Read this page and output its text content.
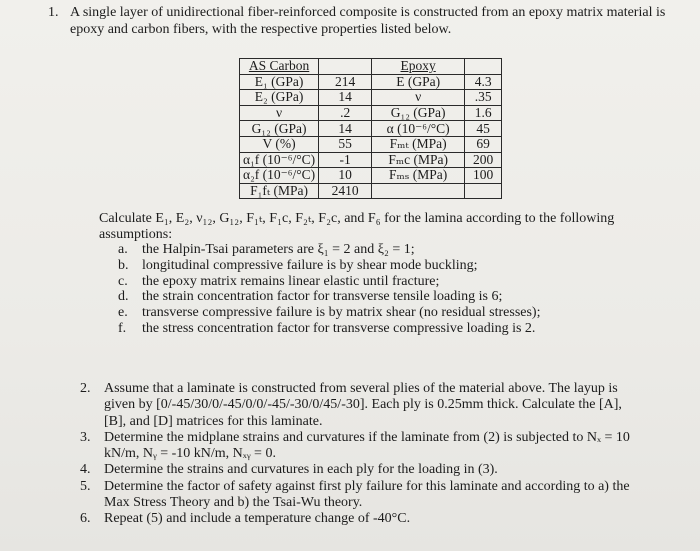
1. A single layer of unidirectional fiber-reinforced composite is constructed from an epoxy matrix material is epoxy and carbon fibers, with the respective properties listed below.
AS Carbon		Epoxy	
E₁ (GPa)	214	E (GPa)	4.3
E₂ (GPa)	14	ν	.35
ν	.2	G₁₂ (GPa)	1.6
G₁₂ (GPa)	14	α (10⁻⁶/°C)	45
V (%)	55	Fₘₜ (MPa)	69
α₁f (10⁻⁶/°C)	-1	Fₘc (MPa)	200
α₂f (10⁻⁶/°C)	10	Fₘₛ (MPa)	100
F₁fₜ (MPa)	2410		
Calculate E₁, E₂, ν₁₂, G₁₂, F₁ₜ, F₁c, F₂ₜ, F₂c, and F₆ for the lamina according to the following assumptions:
a.	the Halpin-Tsai parameters are ξ₁ = 2 and ξ₂ = 1;
b. longitudinal compressive failure is by shear mode buckling;
c.	the epoxy matrix remains linear elastic until fracture;
d. the strain concentration factor for transverse tensile loading is 6;
e.	transverse compressive failure is by matrix shear (no residual stresses);
f.	the stress concentration factor for transverse compressive loading is 2.
2. Assume that a laminate is constructed from several plies of the material above. The layup is given by [0/-45/30/0/-45/0/0/-45/-30/0/45/-30]. Each ply is 0.25mm thick. Calculate the [A], [B], and [D] matrices for this laminate.
3. Determine the midplane strains and curvatures if the laminate from (2) is subjected to Nₓ = 10 kN/m, Nᵧ = -10 kN/m, Nₓᵧ = 0.
4. Determine the strains and curvatures in each ply for the loading in (3).
5. Determine the factor of safety against first ply failure for this laminate and according to a) the Max Stress Theory and b) the Tsai-Wu theory.
6. Repeat (5) and include a temperature change of -40°C.
